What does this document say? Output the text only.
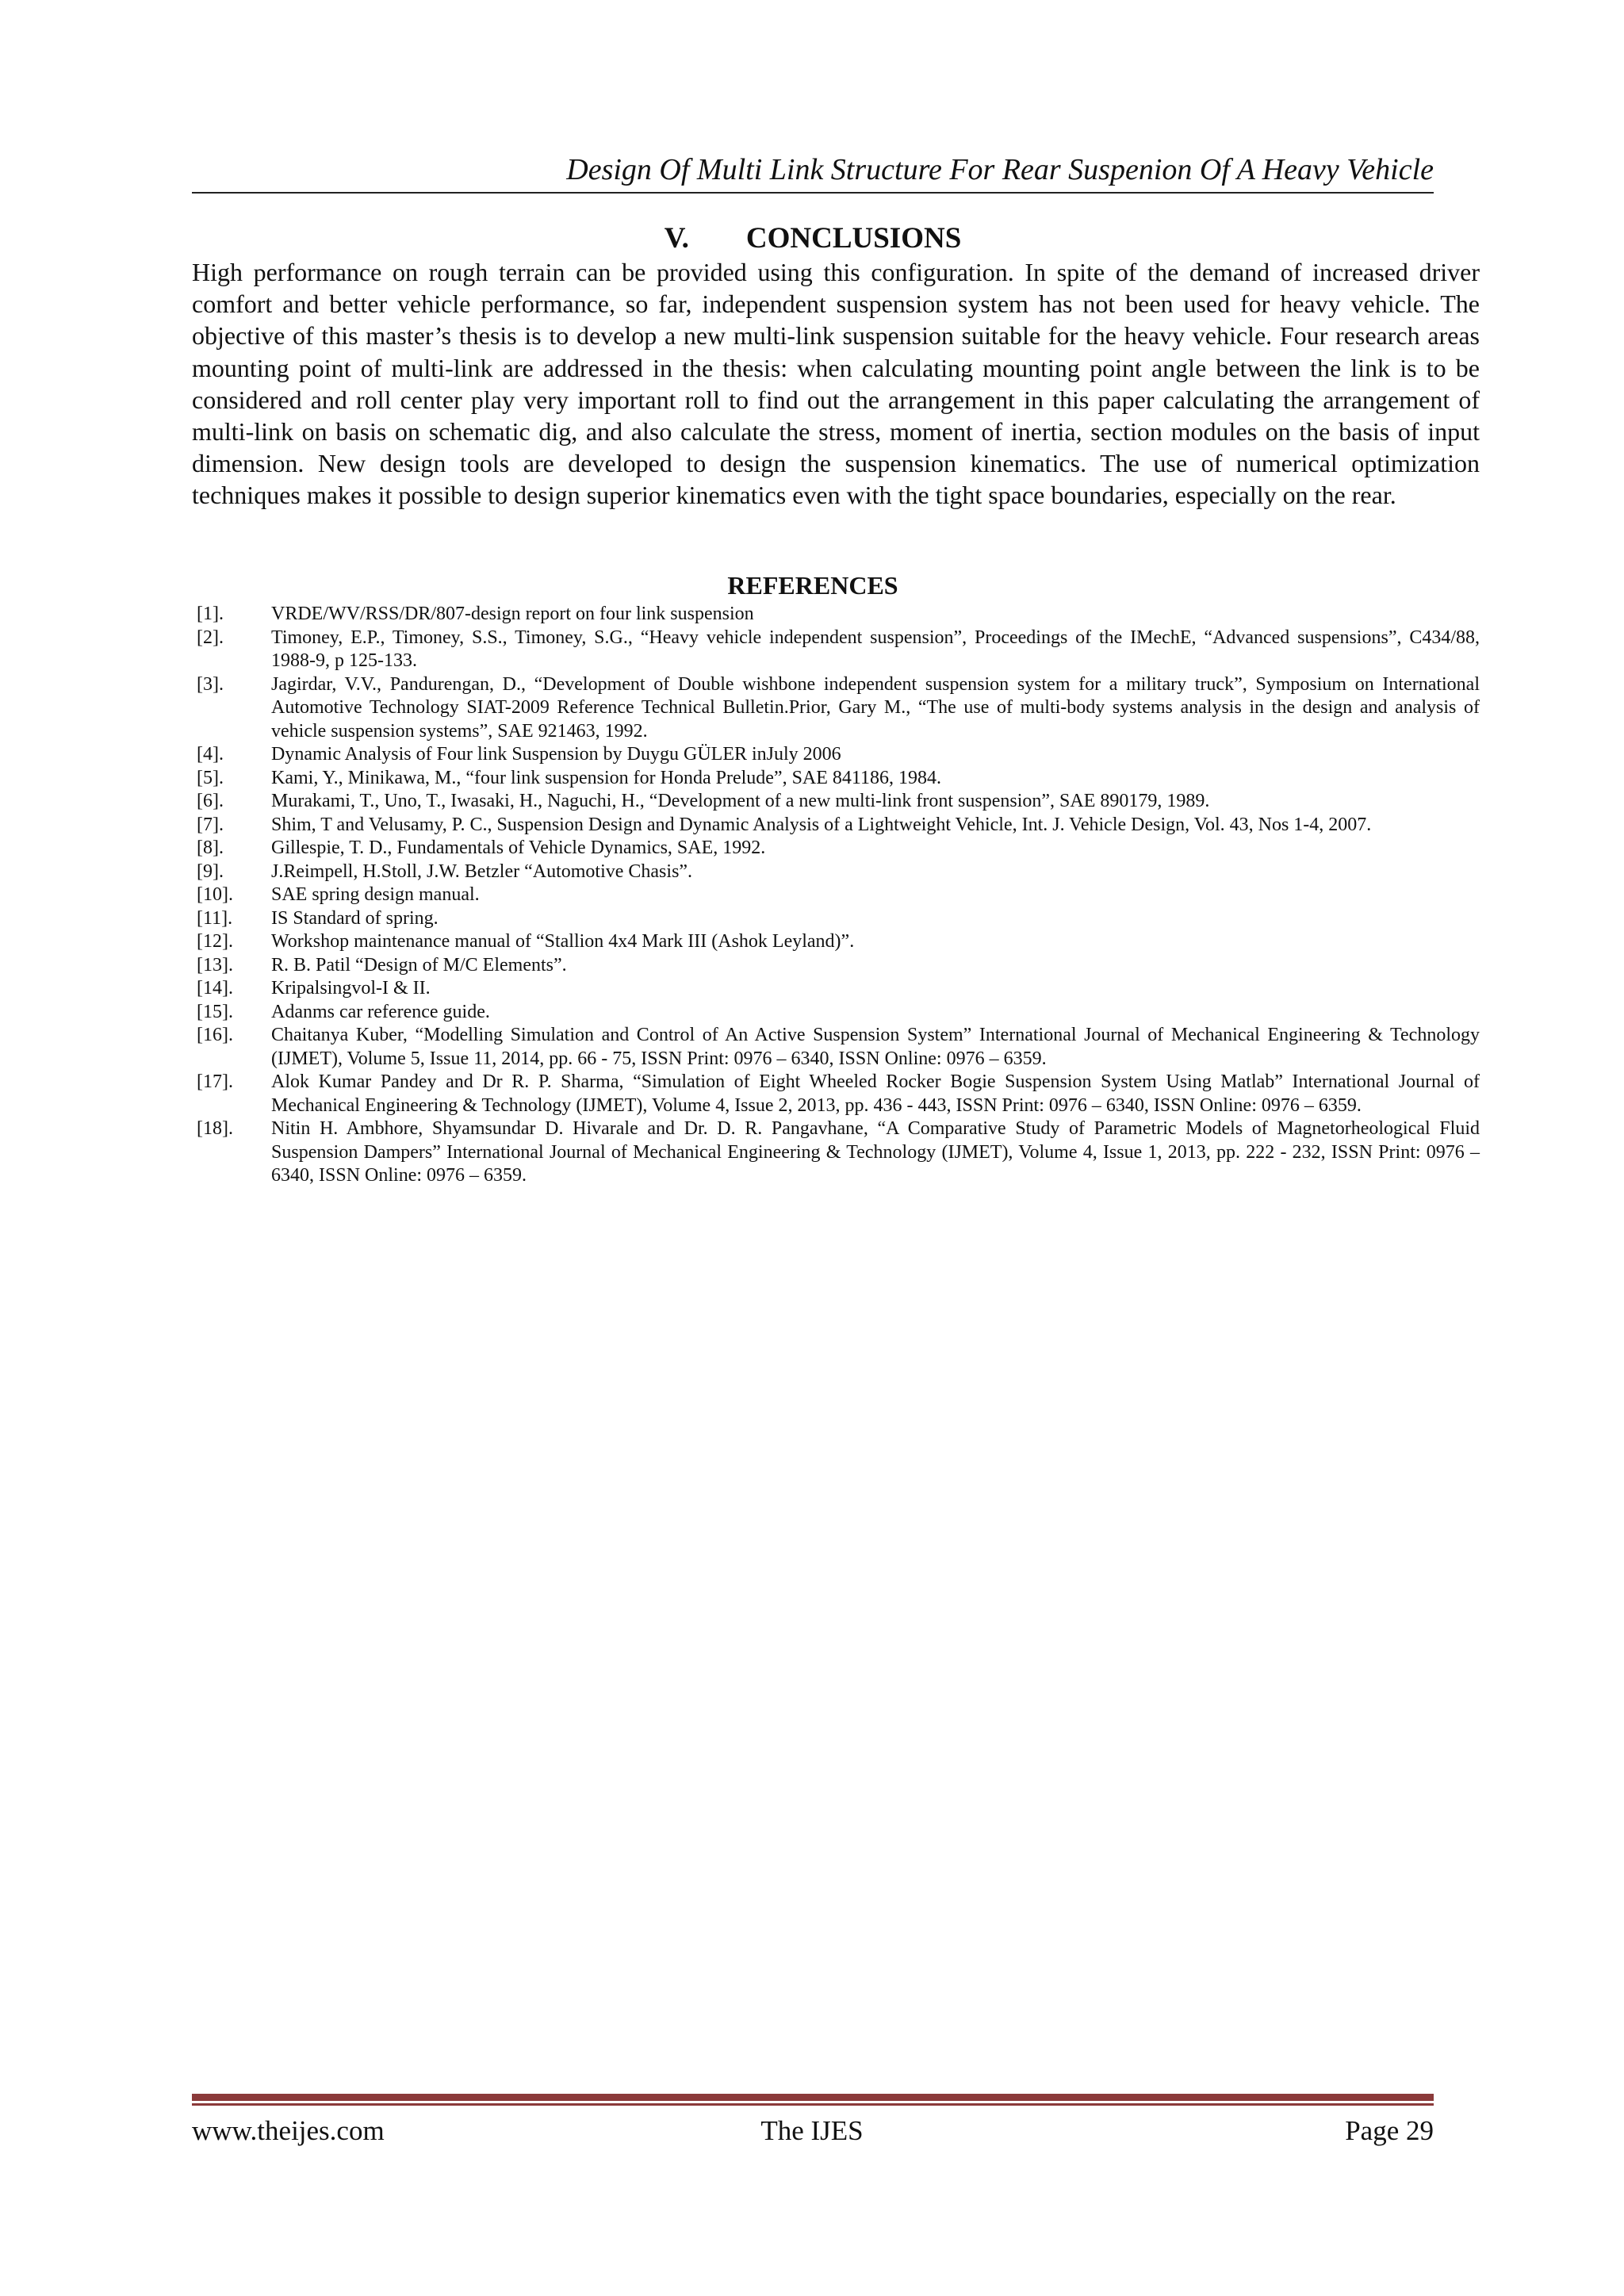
Design Of Multi Link Structure For Rear Suspenion Of A Heavy Vehicle
V. CONCLUSIONS

High performance on rough terrain can be provided using this configuration. In spite of the demand of increased driver comfort and better vehicle performance, so far, independent suspension system has not been used for heavy vehicle. The objective of this master’s thesis is to develop a new multi-link suspension suitable for the heavy vehicle. Four research areas mounting point of multi-link are addressed in the thesis: when calculating mounting point angle between the link is to be considered and roll center play very important roll to find out the arrangement in this paper calculating the arrangement of multi-link on basis on schematic dig, and also calculate the stress, moment of inertia, section modules on the basis of input dimension. New design tools are developed to design the suspension kinematics. The use of numerical optimization techniques makes it possible to design superior kinematics even with the tight space boundaries, especially on the rear.

REFERENCES
[1].	VRDE/WV/RSS/DR/807-design report on four link suspension
[2].	Timoney, E.P., Timoney, S.S., Timoney, S.G., “Heavy vehicle independent suspension”, Proceedings of the IMechE, “Advanced suspensions”, C434/88, 1988-9, p 125-133.
[3].	Jagirdar, V.V., Pandurengan, D., “Development of Double wishbone independent suspension system for a military truck”, Symposium on International Automotive Technology SIAT-2009 Reference Technical Bulletin.Prior, Gary M., “The use of multi-body systems analysis in the design and analysis of vehicle suspension systems”, SAE 921463, 1992.
[4].	Dynamic Analysis of Four link Suspension by Duygu GÜLER inJuly 2006
[5].	Kami, Y., Minikawa, M., “four link suspension for Honda Prelude”, SAE 841186, 1984.
[6].	Murakami, T., Uno, T., Iwasaki, H., Naguchi, H., “Development of a new multi-link front suspension”, SAE 890179, 1989.
[7].	Shim, T and Velusamy, P. C., Suspension Design and Dynamic Analysis of a Lightweight Vehicle, Int. J. Vehicle Design, Vol. 43, Nos 1-4, 2007.
[8].	Gillespie, T. D., Fundamentals of Vehicle Dynamics, SAE, 1992.
[9].	J.Reimpell, H.Stoll, J.W. Betzler “Automotive Chasis”.
[10].	SAE spring design manual.
[11].	IS Standard of spring.
[12].	Workshop maintenance manual of “Stallion 4x4 Mark III (Ashok Leyland)”.
[13].	R. B. Patil “Design of M/C Elements”.
[14].	Kripalsingvol-I & II.
[15].	Adanms car reference guide.
[16].	Chaitanya Kuber, “Modelling Simulation and Control of An Active Suspension System” International Journal of Mechanical Engineering & Technology (IJMET), Volume 5, Issue 11, 2014, pp. 66 - 75, ISSN Print: 0976 – 6340, ISSN Online: 0976 – 6359.
[17].	Alok Kumar Pandey and Dr R. P. Sharma, “Simulation of Eight Wheeled Rocker Bogie Suspension System Using Matlab” International Journal of Mechanical Engineering & Technology (IJMET), Volume 4, Issue 2, 2013, pp. 436 - 443, ISSN Print: 0976 – 6340, ISSN Online: 0976 – 6359.
[18].	Nitin H. Ambhore, Shyamsundar D. Hivarale and Dr. D. R. Pangavhane, “A Comparative Study of Parametric Models of Magnetorheological Fluid Suspension Dampers” International Journal of Mechanical Engineering & Technology (IJMET), Volume 4, Issue 1, 2013, pp. 222 - 232, ISSN Print: 0976 – 6340, ISSN Online: 0976 – 6359.
www.theijes.com	The IJES	Page 29
